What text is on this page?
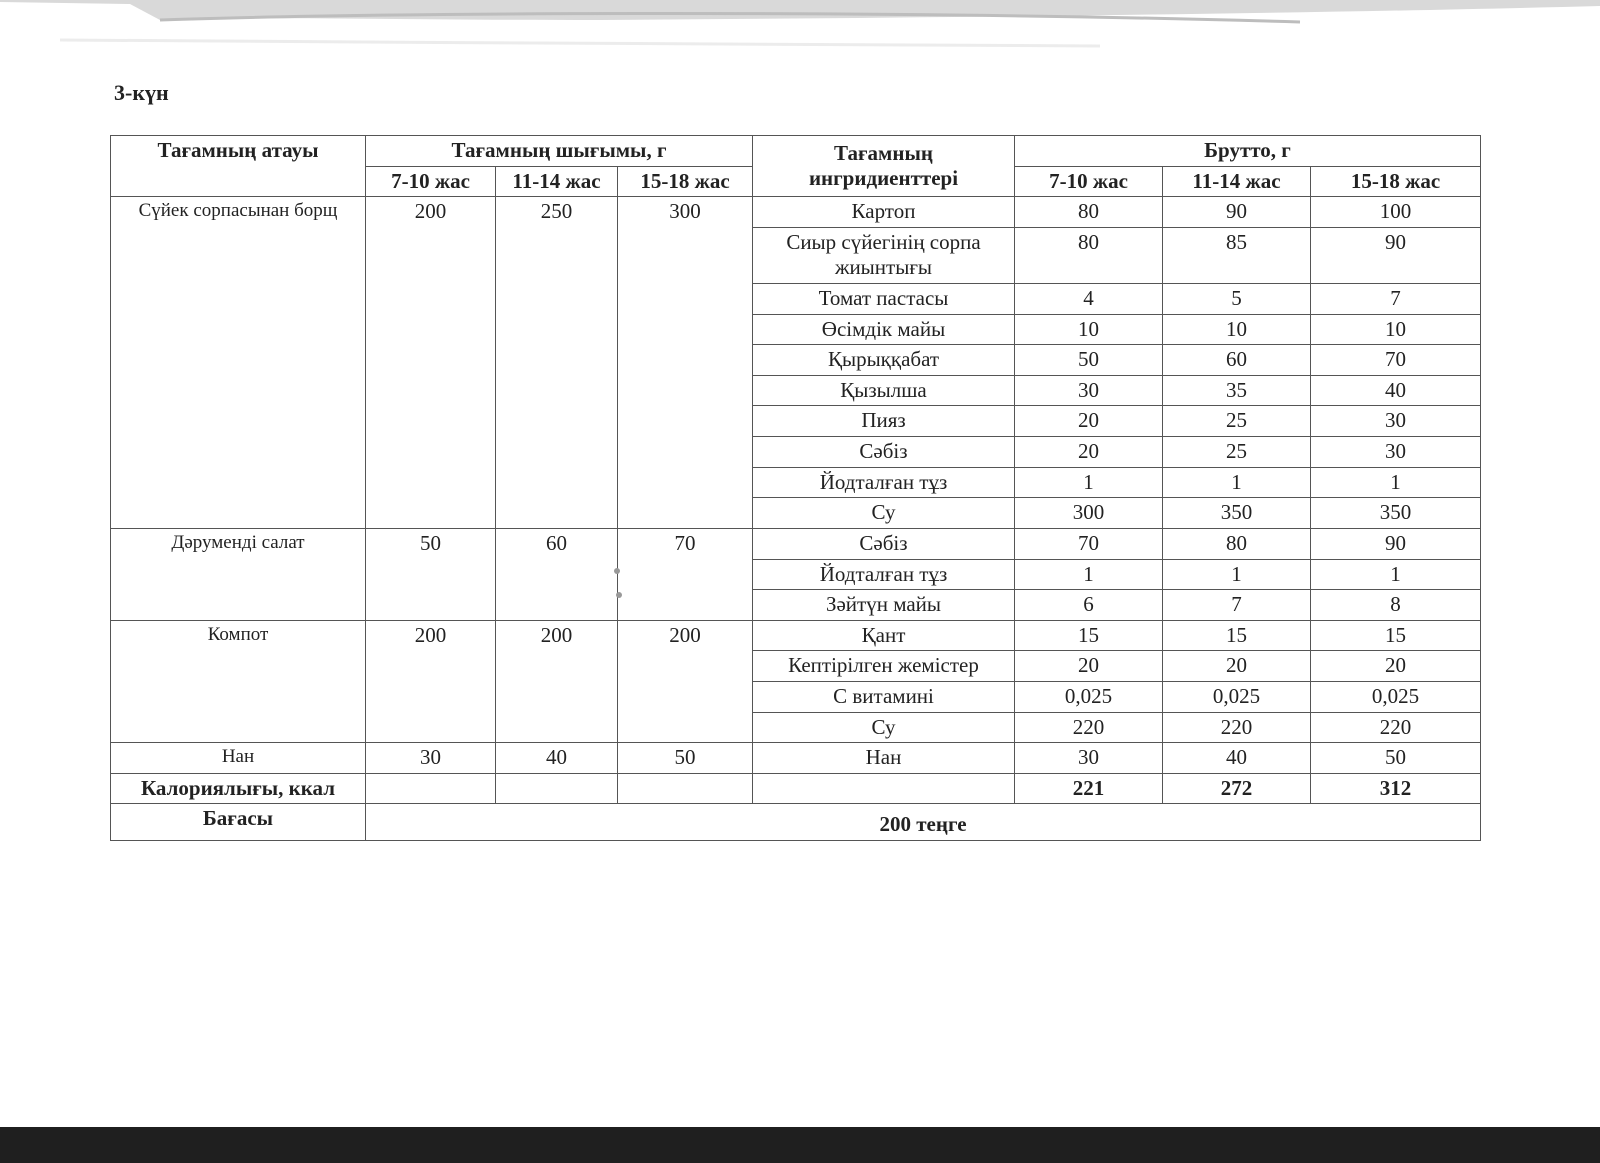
3-күн
Тағамның атауы	Тағамның шығымы, г			Тағамның ингридиенттері	Брутто, г		
	7-10 жас	11-14 жас	15-18 жас		7-10 жас	11-14 жас	15-18 жас
Сүйек сорпасынан борщ	200	250	300	Картоп	80	90	100
				Сиыр сүйегінің сорпа жиынтығы	80	85	90
				Томат пастасы	4	5	7
				Өсімдік майы	10	10	10
				Қырыққабат	50	60	70
				Қызылша	30	35	40
				Пияз	20	25	30
				Сәбіз	20	25	30
				Йодталған тұз	1	1	1
				Су	300	350	350
Дәруменді салат	50	60	70	Сәбіз	70	80	90
				Йодталған тұз	1	1	1
				Зәйтүн майы	6	7	8
Компот	200	200	200	Қант	15	15	15
				Кептірілген жемістер	20	20	20
				С витамині	0,025	0,025	0,025
				Су	220	220	220
Нан	30	40	50	Нан	30	40	50
Калориялығы, ккал					221	272	312
Бағасы	200 теңге						
